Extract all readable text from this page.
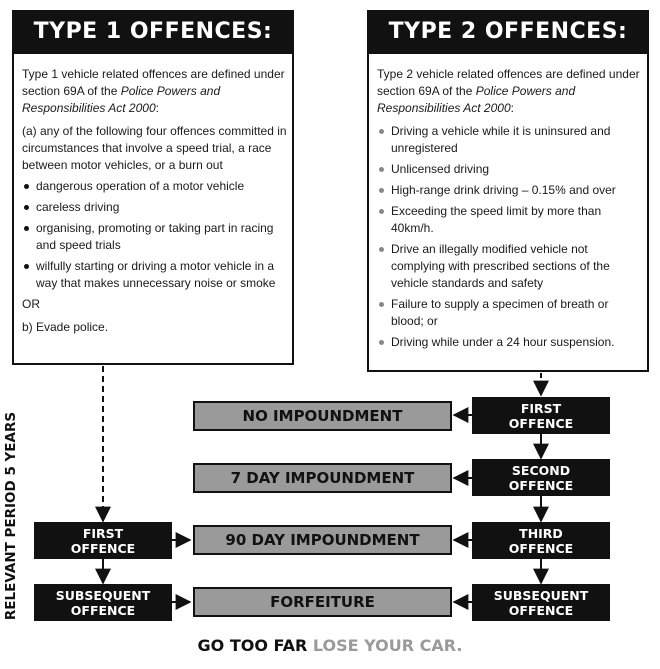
TYPE 1 OFFENCES:

Type 1 vehicle related offences are defined under section 69A of the Police Powers and Responsibilities Act 2000:

(a) any of the following four offences committed in circumstances that involve a speed trial, a race between motor vehicles, or a burn out

dangerous operation of a motor vehicle
careless driving
organising, promoting or taking part in racing and speed trials
wilfully starting or driving a motor vehicle in a way that makes unnecessary noise or smoke

OR

b) Evade police.

TYPE 2 OFFENCES:

Type 2 vehicle related offences are defined under section 69A of the Police Powers and Responsibilities Act 2000:

Driving a vehicle while it is uninsured and unregistered
Unlicensed driving
High-range drink driving – 0.15% and over
Exceeding the speed limit by more than 40km/h.
Drive an illegally modified vehicle not complying with prescribed sections of the vehicle standards and safety
Failure to supply a specimen of breath or blood; or
Driving while under a 24 hour suspension.
RELEVANT PERIOD 5 YEARS	FIRST
OFFENCE
SUBSEQUENT
OFFENCE
FIRST
OFFENCE
SECOND
OFFENCE
THIRD
OFFENCE
SUBSEQUENT
OFFENCE
NO IMPOUNDMENT
7 DAY IMPOUNDMENT
90 DAY IMPOUNDMENT
FORFEITURE
GO TOO FAR LOSE YOUR CAR.
